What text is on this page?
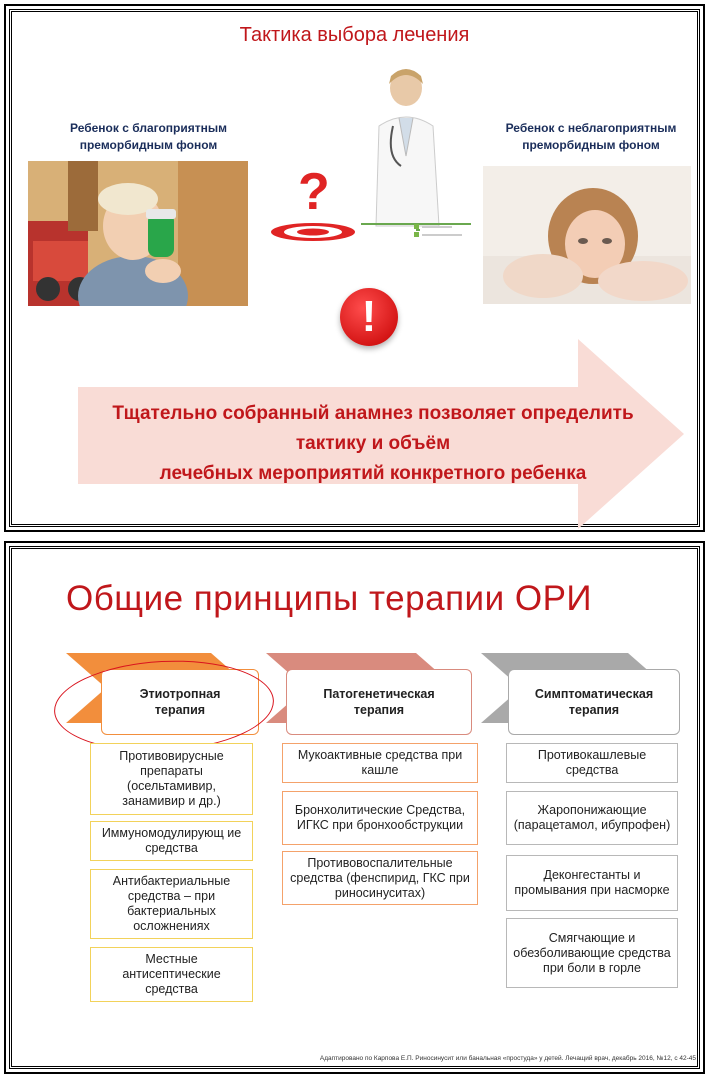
Тактика выбора лечения
Ребенок с благоприятным преморбидным фоном
Ребенок с неблагоприятным преморбидным фоном
?
!
Тщательно собранный анамнез позволяет определить
тактику и объём
лечебных мероприятий конкретного ребенка
Общие принципы терапии ОРИ
Этиотропная терапия
Патогенетическая терапия
Симптоматическая терапия
Противовирусные препараты (осельтамивир, занамивир и др.)
Иммуномодулирующ ие средства
Антибактериальные средства – при бактериальных осложнениях
Местные антисептические средства
Мукоактивные средства при кашле
Бронхолитические Средства, ИГКС при бронхообструкции
Противовоспалительные средства (фенспирид, ГКС при риносинуситах)
Противокашлевые средства
Жаропонижающие (парацетамол, ибупрофен)
Деконгестанты и промывания при насморке
Смягчающие и обезболивающие средства при боли в горле
Адаптировано по Карпова Е.П. Риносинусит или банальная «простуда» у детей. Лечащий врач, декабрь 2016, №12, с 42-45
